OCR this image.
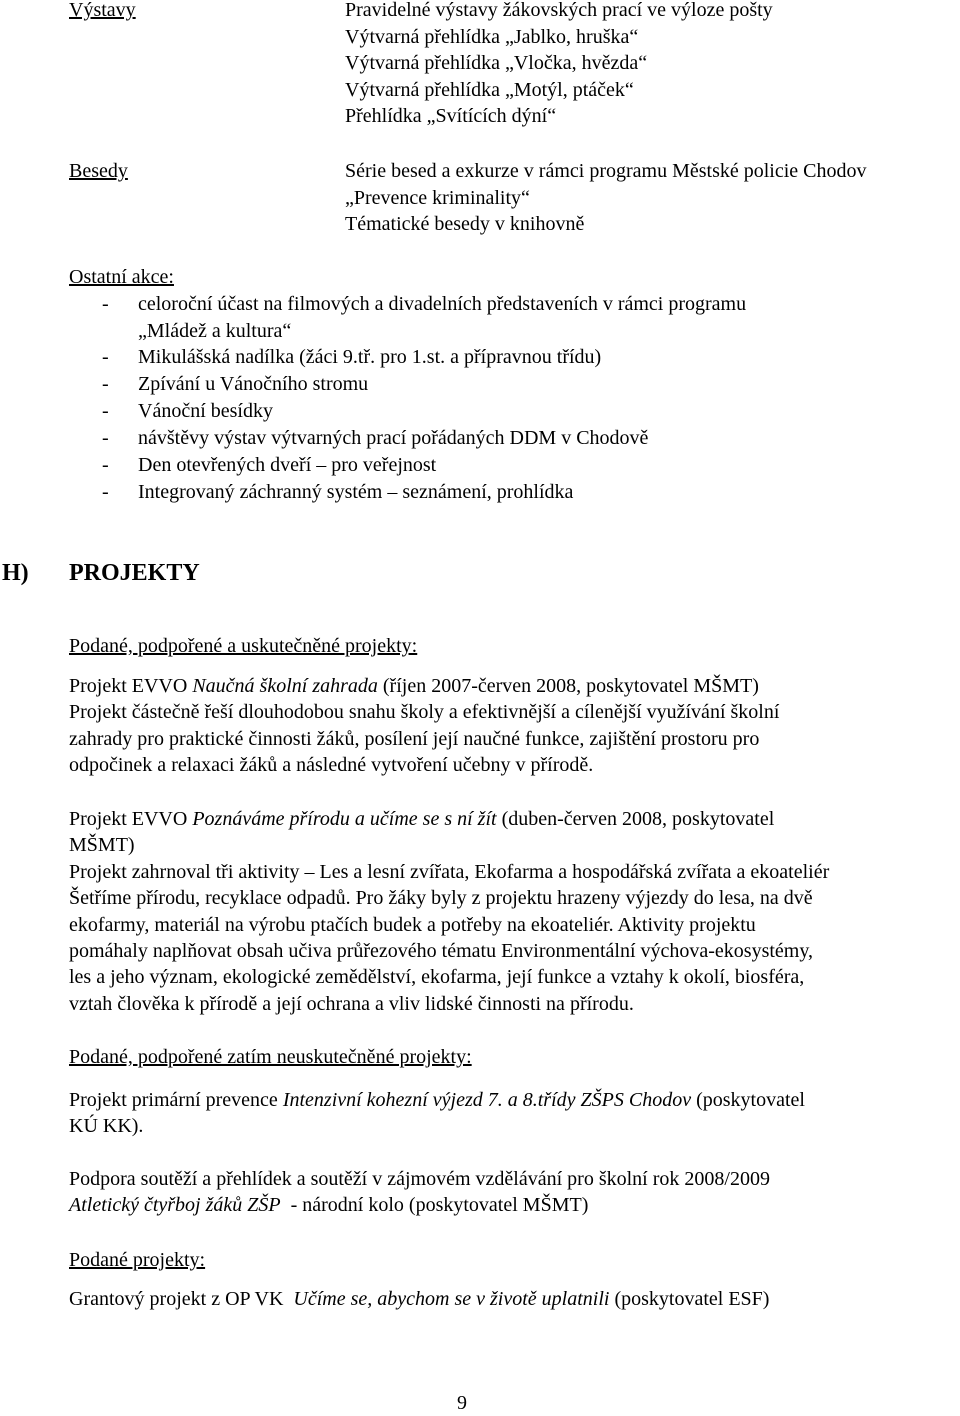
Výstavy	Pravidelné výstavy žákovských prací ve výloze pošty
Výtvarná přehlídka „Jablko, hruška“
Výtvarná přehlídka „Vločka, hvězda“
Výtvarná přehlídka „Motýl, ptáček“
Přehlídka „Svítících dýní“
Besedy	Série besed a exkurze v rámci programu Městské policie Chodov
„Prevence kriminality“
Tématické besedy v knihovně
Ostatní akce:
- celoroční účast na filmových a divadelních představeních v rámci programu
„Mládež a kultura“
- Mikulášská nadílka (žáci 9.tř. pro 1.st. a přípravnou třídu)
- Zpívání u Vánočního stromu
- Vánoční besídky
- návštěvy výstav výtvarných prací pořádaných DDM v Chodově
- Den otevřených dveří – pro veřejnost
- Integrovaný záchranný systém – seznámení, prohlídka
H) PROJEKTY
Podané, podpořené a uskutečněné projekty:
Projekt EVVO Naučná školní zahrada (říjen 2007-červen 2008, poskytovatel MŠMT)
Projekt částečně řeší dlouhodobou snahu školy a efektivnější a cílenější využívání školní
zahrady pro praktické činnosti žáků, posílení její naučné funkce, zajištění prostoru pro
odpočinek a relaxaci žáků a následné vytvoření učebny v přírodě.
Projekt EVVO Poznáváme přírodu a učíme se s ní žít (duben-červen 2008, poskytovatel
MŠMT)
Projekt zahrnoval tři aktivity – Les a lesní zvířata, Ekofarma a hospodářská zvířata a ekoateliér
Šetříme přírodu, recyklace odpadů. Pro žáky byly z projektu hrazeny výjezdy do lesa, na dvě
ekofarmy, materiál na výrobu ptačích budek a potřeby na ekoateliér. Aktivity projektu
pomáhaly naplňovat obsah učiva průřezového tématu Environmentální výchova-ekosystémy,
les a jeho význam, ekologické zemědělství, ekofarma, její funkce a vztahy k okolí, biosféra,
vztah člověka k přírodě a její ochrana a vliv lidské činnosti na přírodu.
Podané, podpořené zatím neuskutečněné projekty:
Projekt primární prevence Intenzivní kohezní výjezd 7. a 8.třídy ZŠPS Chodov (poskytovatel
KÚ KK).
Podpora soutěží a přehlídek a soutěží v zájmovém vzdělávání pro školní rok 2008/2009
Atletický čtyřboj žáků ZŠP  - národní kolo (poskytovatel MŠMT)
Podané projekty:
Grantový projekt z OP VK  Učíme se, abychom se v životě uplatnili (poskytovatel ESF)
9
